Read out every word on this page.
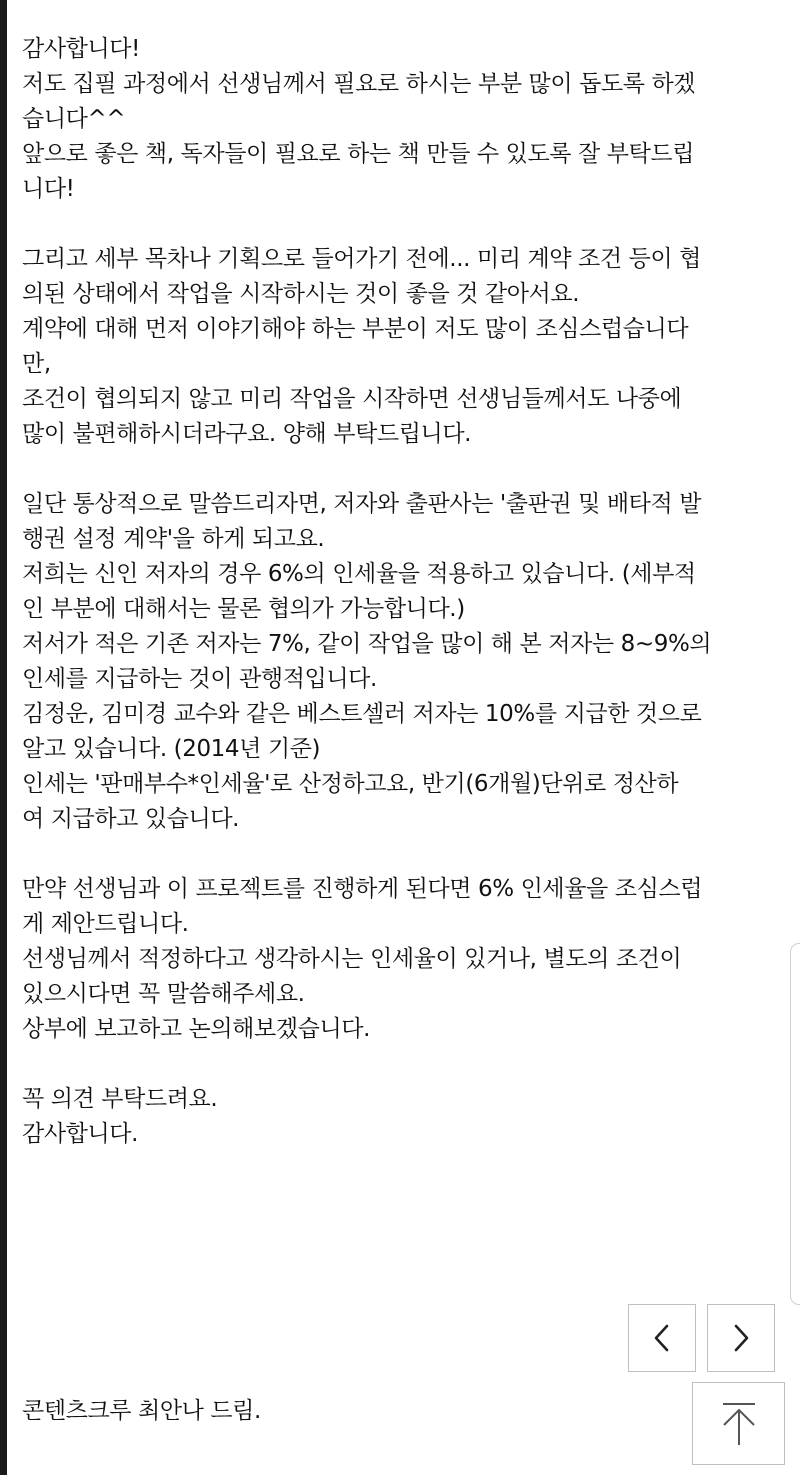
감사합니다!
저도 집필 과정에서 선생님께서 필요로 하시는 부분 많이 돕도록 하겠
습니다^^
앞으로 좋은 책, 독자들이 필요로 하는 책 만들 수 있도록 잘 부탁드립
니다!
그리고 세부 목차나 기획으로 들어가기 전에... 미리 계약 조건 등이 협
의된 상태에서 작업을 시작하시는 것이 좋을 것 같아서요.
계약에 대해 먼저 이야기해야 하는 부분이 저도 많이 조심스럽습니다
만,
조건이 협의되지 않고 미리 작업을 시작하면 선생님들께서도 나중에
많이 불편해하시더라구요. 양해 부탁드립니다.
일단 통상적으로 말씀드리자면, 저자와 출판사는 '출판권 및 배타적 발
행권 설정 계약'을 하게 되고요.
저희는 신인 저자의 경우 6%의 인세율을 적용하고 있습니다. (세부적
인 부분에 대해서는 물론 협의가 가능합니다.)
저서가 적은 기존 저자는 7%, 같이 작업을 많이 해 본 저자는 8~9%의
인세를 지급하는 것이 관행적입니다.
김정운, 김미경 교수와 같은 베스트셀러 저자는 10%를 지급한 것으로
알고 있습니다. (2014년 기준)
인세는 '판매부수*인세율'로 산정하고요, 반기(6개월)단위로 정산하
여 지급하고 있습니다.
만약 선생님과 이 프로젝트를 진행하게 된다면 6% 인세율을 조심스럽
게 제안드립니다.
선생님께서 적정하다고 생각하시는 인세율이 있거나, 별도의 조건이
있으시다면 꼭 말씀해주세요.
상부에 보고하고 논의해보겠습니다.
꼭 의견 부탁드려요.
감사합니다.
콘텐츠크루 최안나 드림.
